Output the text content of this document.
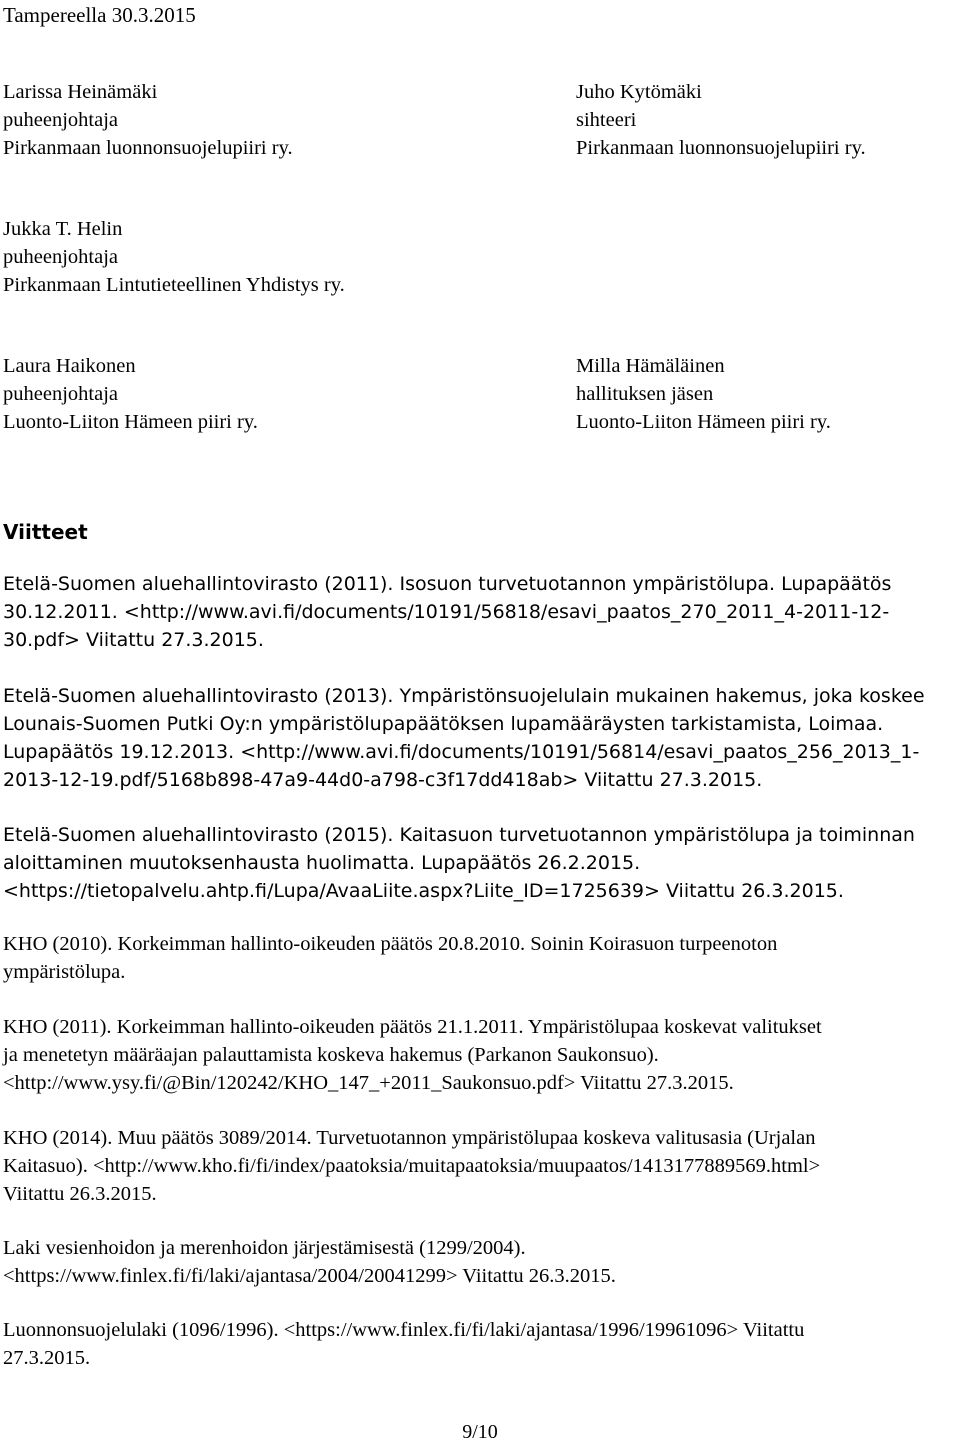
Tampereella 30.3.2015
Larissa Heinämäki
puheenjohtaja
Pirkanmaan luonnonsuojelupiiri ry.
Juho Kytömäki
sihteeri
Pirkanmaan luonnonsuojelupiiri ry.
Jukka T. Helin
puheenjohtaja
Pirkanmaan Lintutieteellinen Yhdistys ry.
Laura Haikonen
puheenjohtaja
Luonto-Liiton Hämeen piiri ry.
Milla Hämäläinen
hallituksen jäsen
Luonto-Liiton Hämeen piiri ry.
Viitteet
Etelä-Suomen aluehallintovirasto (2011). Isosuon turvetuotannon ympäristölupa. Lupapäätös
30.12.2011. <http://www.avi.fi/documents/10191/56818/esavi_paatos_270_2011_4-2011-12-
30.pdf> Viitattu 27.3.2015.
Etelä-Suomen aluehallintovirasto (2013). Ympäristönsuojelulain mukainen hakemus, joka koskee
Lounais-Suomen Putki Oy:n ympäristölupapäätöksen lupamääräysten tarkistamista, Loimaa.
Lupapäätös 19.12.2013. <http://www.avi.fi/documents/10191/56814/esavi_paatos_256_2013_1-
2013-12-19.pdf/5168b898-47a9-44d0-a798-c3f17dd418ab> Viitattu 27.3.2015.
Etelä-Suomen aluehallintovirasto (2015). Kaitasuon turvetuotannon ympäristölupa ja toiminnan
aloittaminen muutoksenhausta huolimatta. Lupapäätös 26.2.2015.
<https://tietopalvelu.ahtp.fi/Lupa/AvaaLiite.aspx?Liite_ID=1725639> Viitattu 26.3.2015.
KHO (2010). Korkeimman hallinto-oikeuden päätös 20.8.2010. Soinin Koirasuon turpeenoton
ympäristölupa.
KHO (2011). Korkeimman hallinto-oikeuden päätös 21.1.2011. Ympäristölupaa koskevat valitukset
ja menetetyn määräajan palauttamista koskeva hakemus (Parkanon Saukonsuo).
<http://www.ysy.fi/@Bin/120242/KHO_147_+2011_Saukonsuo.pdf> Viitattu 27.3.2015.
KHO (2014). Muu päätös 3089/2014. Turvetuotannon ympäristölupaa koskeva valitusasia (Urjalan
Kaitasuo). <http://www.kho.fi/fi/index/paatoksia/muitapaatoksia/muupaatos/1413177889569.html>
Viitattu 26.3.2015.
Laki vesienhoidon ja merenhoidon järjestämisestä (1299/2004).
<https://www.finlex.fi/fi/laki/ajantasa/2004/20041299> Viitattu 26.3.2015.
Luonnonsuojelulaki (1096/1996). <https://www.finlex.fi/fi/laki/ajantasa/1996/19961096> Viitattu
27.3.2015.
9/10
